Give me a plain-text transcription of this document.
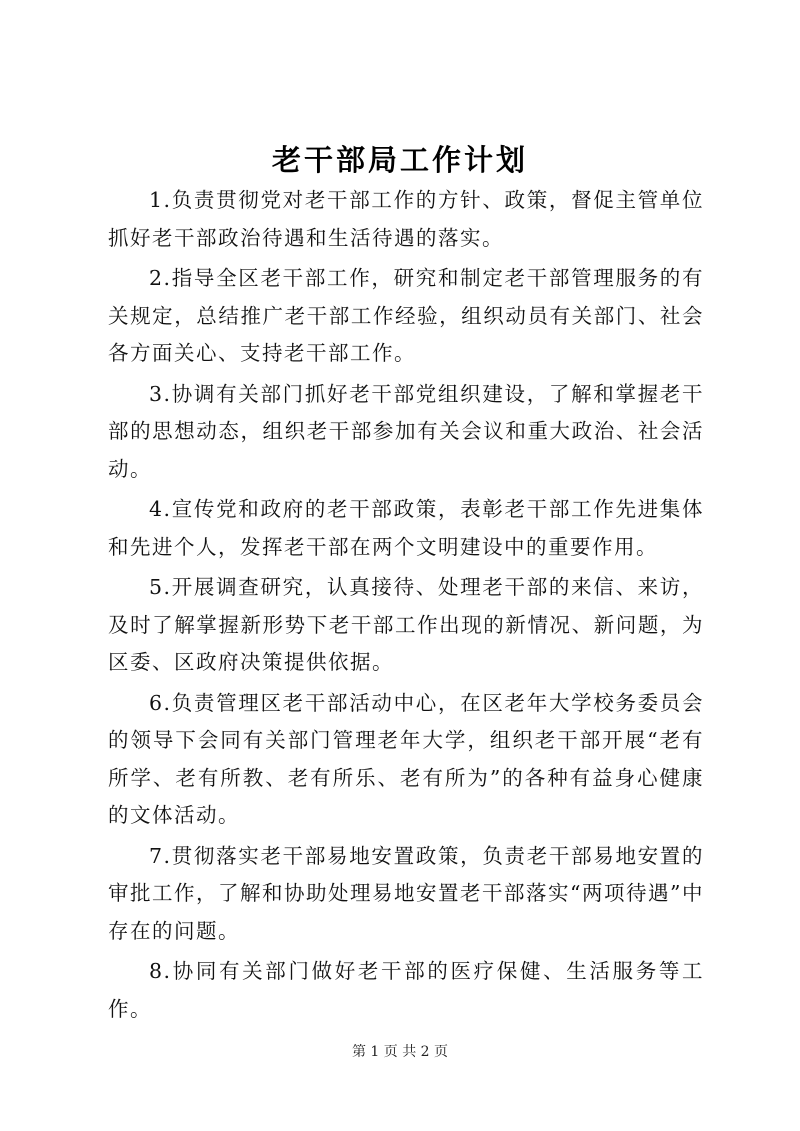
老干部局工作计划

1.负责贯彻党对老干部工作的方针、政策，督促主管单位抓好老干部政治待遇和生活待遇的落实。

2.指导全区老干部工作，研究和制定老干部管理服务的有关规定，总结推广老干部工作经验，组织动员有关部门、社会各方面关心、支持老干部工作。

3.协调有关部门抓好老干部党组织建设，了解和掌握老干部的思想动态，组织老干部参加有关会议和重大政治、社会活动。

4.宣传党和政府的老干部政策，表彰老干部工作先进集体和先进个人，发挥老干部在两个文明建设中的重要作用。

5.开展调查研究，认真接待、处理老干部的来信、来访，及时了解掌握新形势下老干部工作出现的新情况、新问题，为区委、区政府决策提供依据。

6.负责管理区老干部活动中心，在区老年大学校务委员会的领导下会同有关部门管理老年大学，组织老干部开展“老有所学、老有所教、老有所乐、老有所为”的各种有益身心健康的文体活动。

7.贯彻落实老干部易地安置政策，负责老干部易地安置的审批工作，了解和协助处理易地安置老干部落实“两项待遇”中存在的问题。

8.协同有关部门做好老干部的医疗保健、生活服务等工作。

第 1 页 共 2 页
